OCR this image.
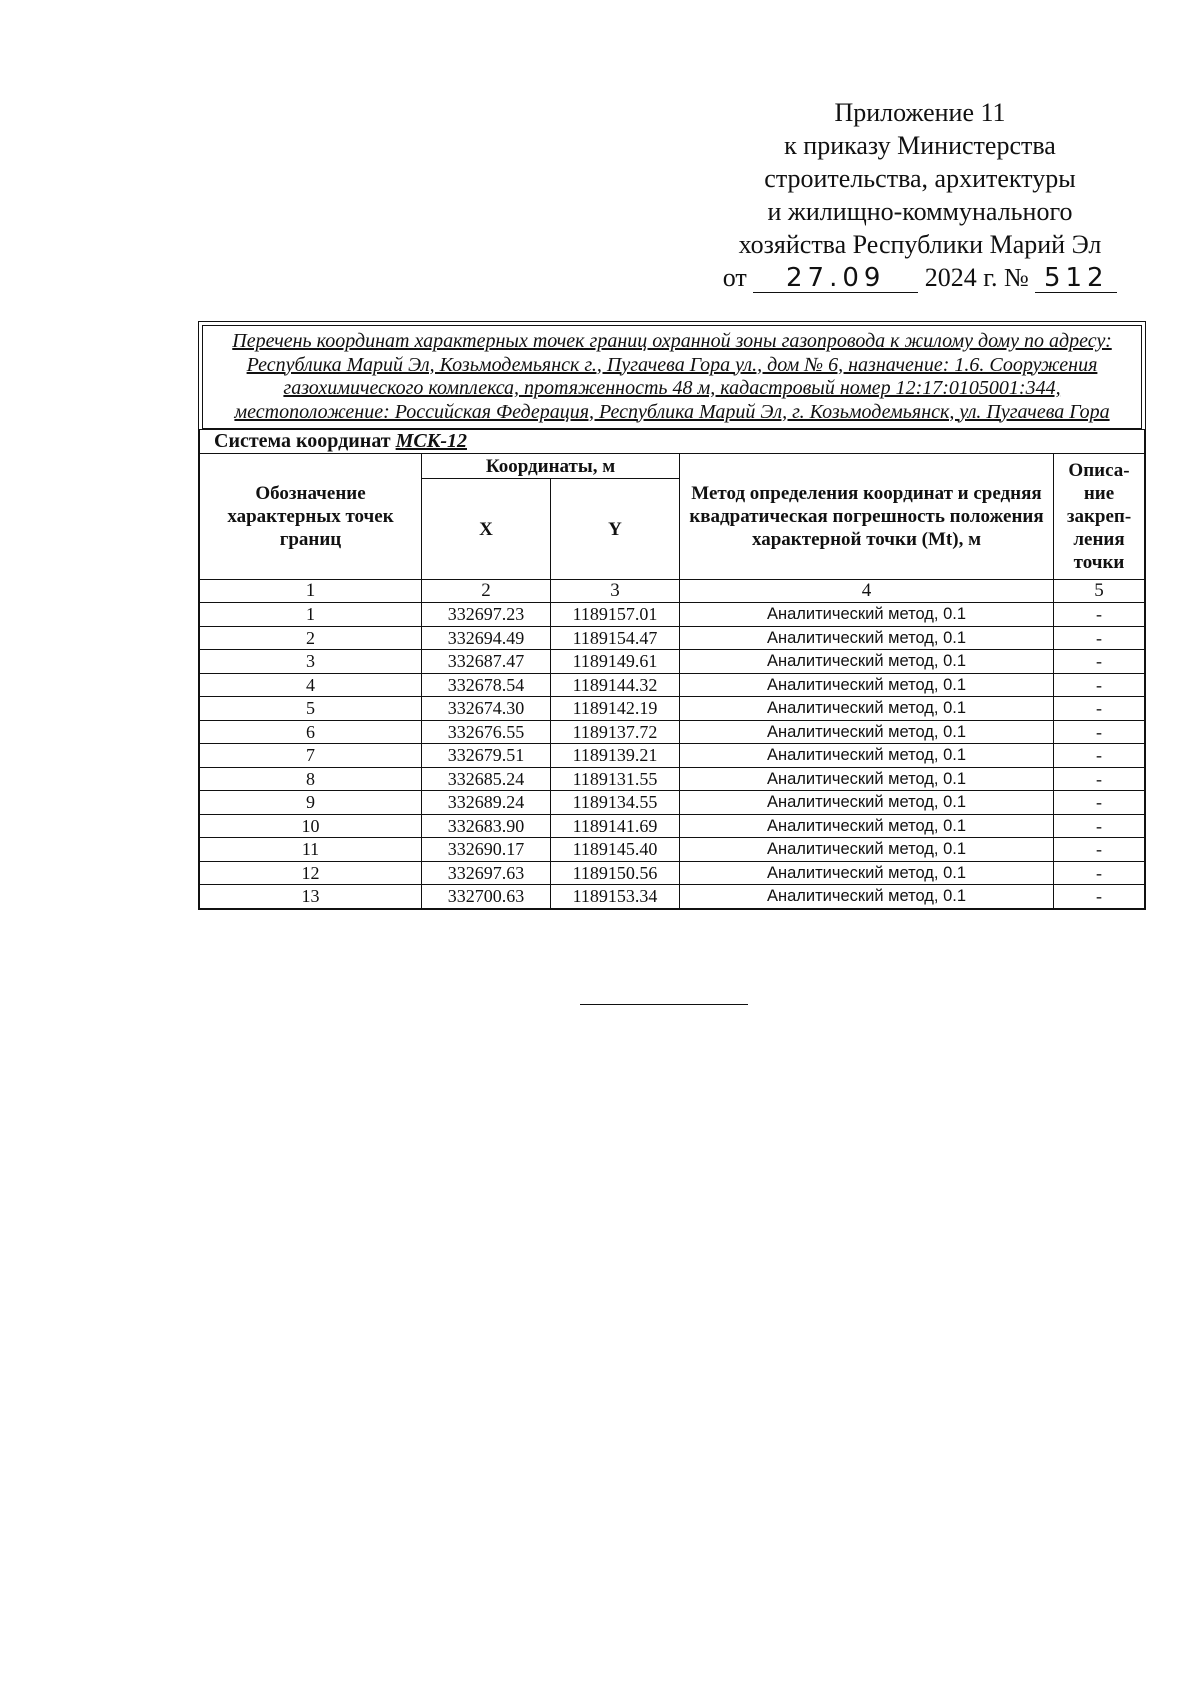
Приложение 11
к приказу Министерства
строительства, архитектуры
и жилищно-коммунального
хозяйства Республики Марий Эл
от 27.09 2024 г. № 512
Перечень координат характерных точек границ охранной зоны газопровода к жилому дому по адресу: Республика Марий Эл, Козьмодемьянск г., Пугачева Гора ул., дом № 6, назначение: 1.6. Сооружения газохимического комплекса, протяженность 48 м, кадастровый номер 12:17:0105001:344, местоположение: Российская Федерация, Республика Марий Эл, г. Козьмодемьянск, ул. Пугачева Гора
Система координат МСК-12				
Обозначение характерных точек границ	Координаты, м		Метод определения координат и средняя квадратическая погрешность положения характерной точки (Mt), м	Описа-ние закреп-ления точки
	X	Y		
1	2	3	4	5
1	332697.23	1189157.01	Аналитический метод, 0.1	-
2	332694.49	1189154.47	Аналитический метод, 0.1	-
3	332687.47	1189149.61	Аналитический метод, 0.1	-
4	332678.54	1189144.32	Аналитический метод, 0.1	-
5	332674.30	1189142.19	Аналитический метод, 0.1	-
6	332676.55	1189137.72	Аналитический метод, 0.1	-
7	332679.51	1189139.21	Аналитический метод, 0.1	-
8	332685.24	1189131.55	Аналитический метод, 0.1	-
9	332689.24	1189134.55	Аналитический метод, 0.1	-
10	332683.90	1189141.69	Аналитический метод, 0.1	-
11	332690.17	1189145.40	Аналитический метод, 0.1	-
12	332697.63	1189150.56	Аналитический метод, 0.1	-
13	332700.63	1189153.34	Аналитический метод, 0.1	-
